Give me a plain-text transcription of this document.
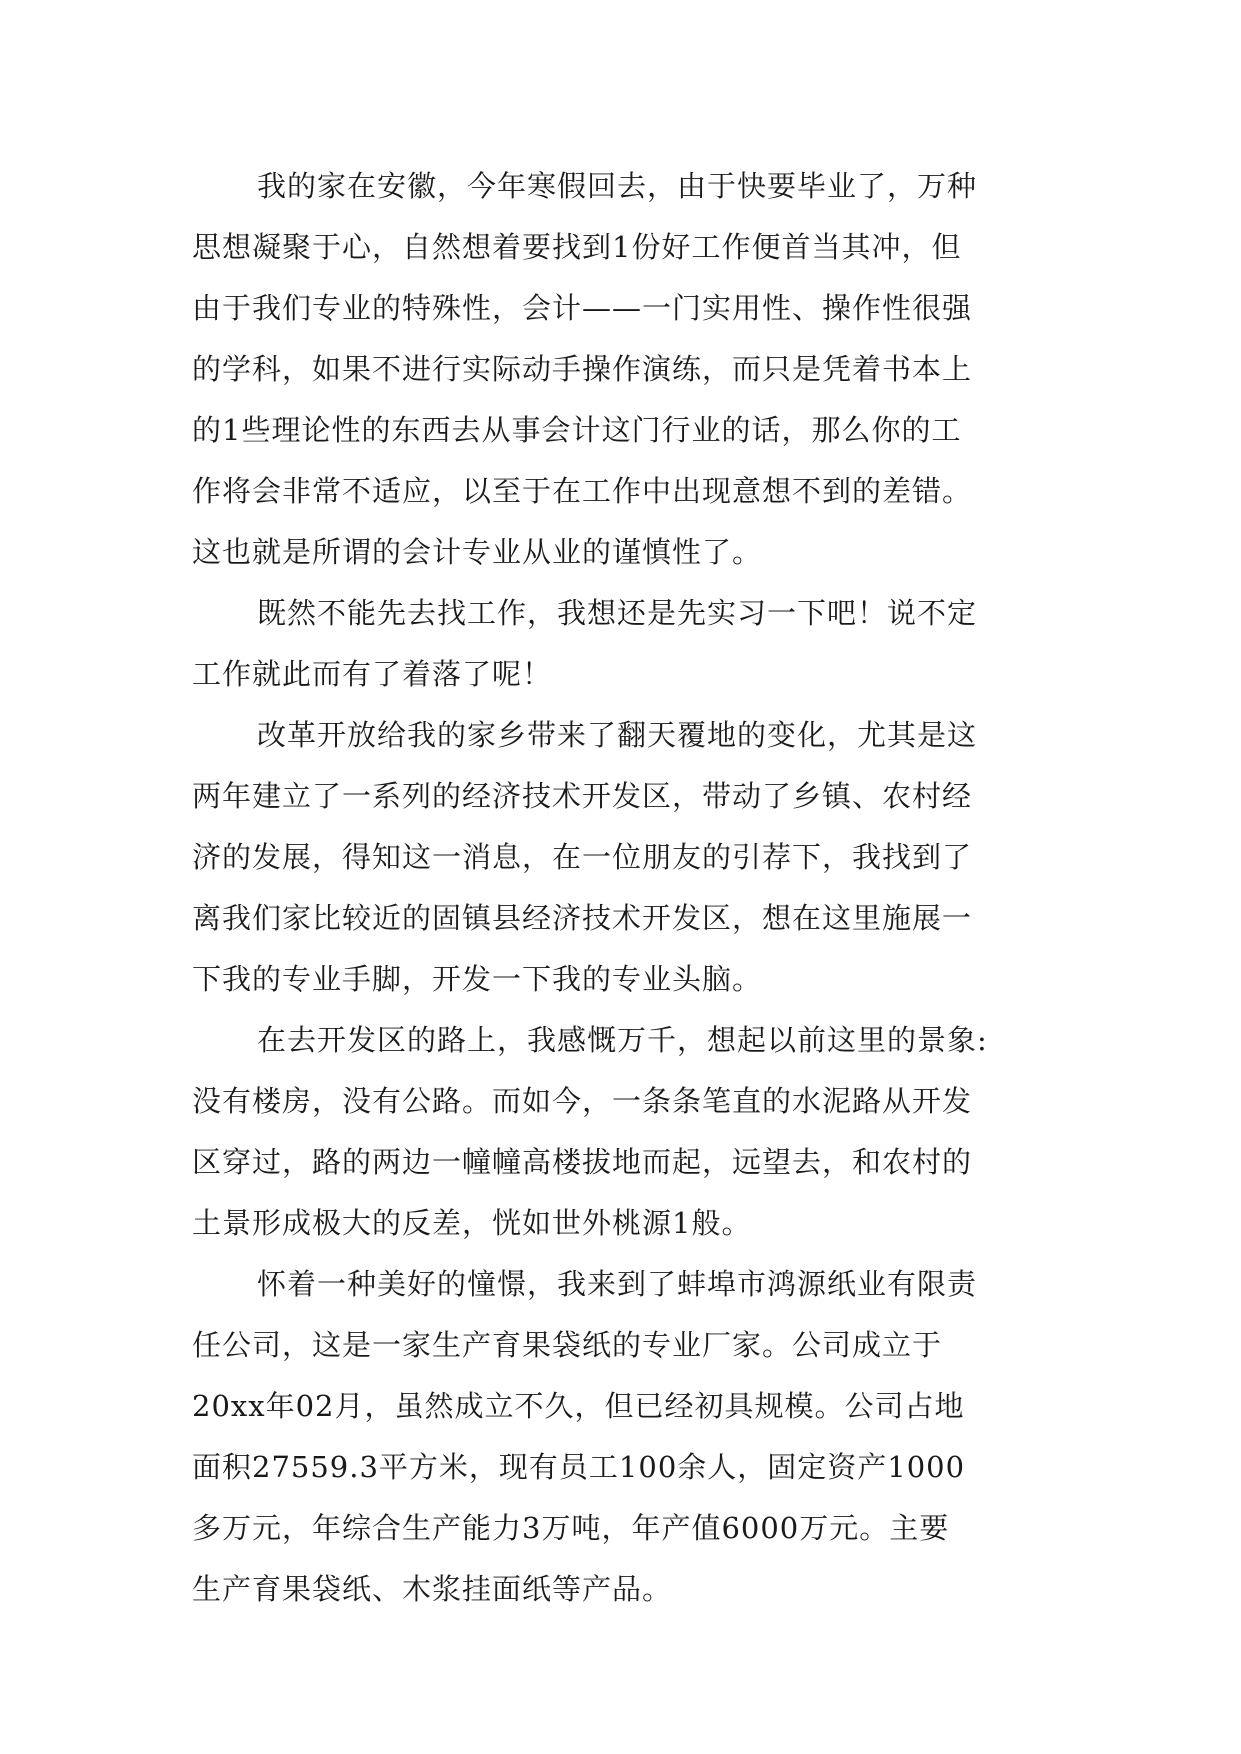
我的家在安徽，今年寒假回去，由于快要毕业了，万种
思想凝聚于心，自然想着要找到1份好工作便首当其冲，但
由于我们专业的特殊性，会计——一门实用性、操作性很强
的学科，如果不进行实际动手操作演练，而只是凭着书本上
的1些理论性的东西去从事会计这门行业的话，那么你的工
作将会非常不适应，以至于在工作中出现意想不到的差错。
这也就是所谓的会计专业从业的谨慎性了。
既然不能先去找工作，我想还是先实习一下吧！说不定
工作就此而有了着落了呢！
改革开放给我的家乡带来了翻天覆地的变化，尤其是这
两年建立了一系列的经济技术开发区，带动了乡镇、农村经
济的发展，得知这一消息，在一位朋友的引荐下，我找到了
离我们家比较近的固镇县经济技术开发区，想在这里施展一
下我的专业手脚，开发一下我的专业头脑。
在去开发区的路上，我感慨万千，想起以前这里的景象:
没有楼房，没有公路。而如今，一条条笔直的水泥路从开发
区穿过，路的两边一幢幢高楼拔地而起，远望去，和农村的
土景形成极大的反差，恍如世外桃源1般。
怀着一种美好的憧憬，我来到了蚌埠市鸿源纸业有限责
任公司，这是一家生产育果袋纸的专业厂家。公司成立于
20xx年02月，虽然成立不久，但已经初具规模。公司占地
面积27559.3平方米，现有员工100余人，固定资产1000
多万元，年综合生产能力3万吨，年产值6000万元。主要
生产育果袋纸、木浆挂面纸等产品。
